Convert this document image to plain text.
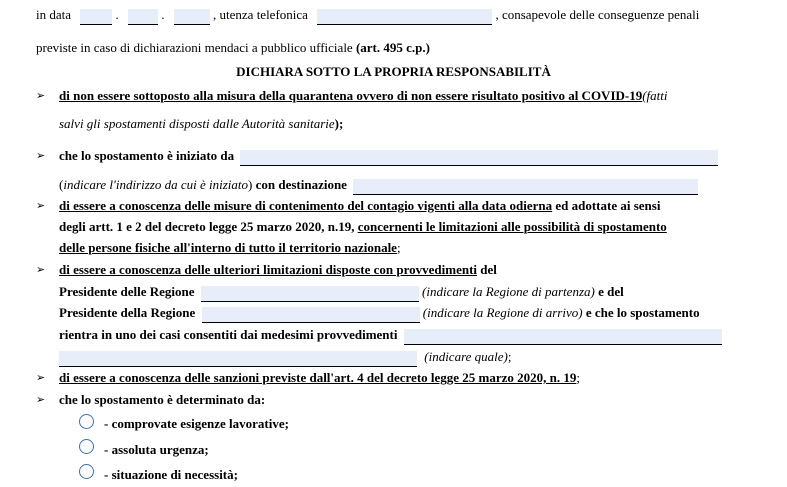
in data	.	.	, utenza telefonica	, consapevole delle conseguenze penali
previste in caso di dichiarazioni mendaci a pubblico ufficiale (art. 495 c.p.)
DICHIARA SOTTO LA PROPRIA RESPONSABILITÀ
➢ di non essere sottoposto alla misura della quarantena ovvero di non essere risultato positivo al COVID-19(fatti
salvi gli spostamenti disposti dalle Autorità sanitarie);
➢ che lo spostamento è iniziato da
(indicare l'indirizzo da cui è iniziato) con destinazione
➢ di essere a conoscenza delle misure di contenimento del contagio vigenti alla data odierna ed adottate ai sensi
degli artt. 1 e 2 del decreto legge 25 marzo 2020, n.19, concernenti le limitazioni alle possibilità di spostamento
delle persone fisiche all'interno di tutto il territorio nazionale;
➢ di essere a conoscenza delle ulteriori limitazioni disposte con provvedimenti del
Presidente delle Regione	(indicare la Regione di partenza) e del
Presidente della Regione	(indicare la Regione di arrivo) e che lo spostamento
rientra in uno dei casi consentiti dai medesimi provvedimenti
(indicare quale);
➢ di essere a conoscenza delle sanzioni previste dall'art. 4 del decreto legge 25 marzo 2020, n. 19;
➢ che lo spostamento è determinato da:
- comprovate esigenze lavorative;
- assoluta urgenza;
- situazione di necessità;
